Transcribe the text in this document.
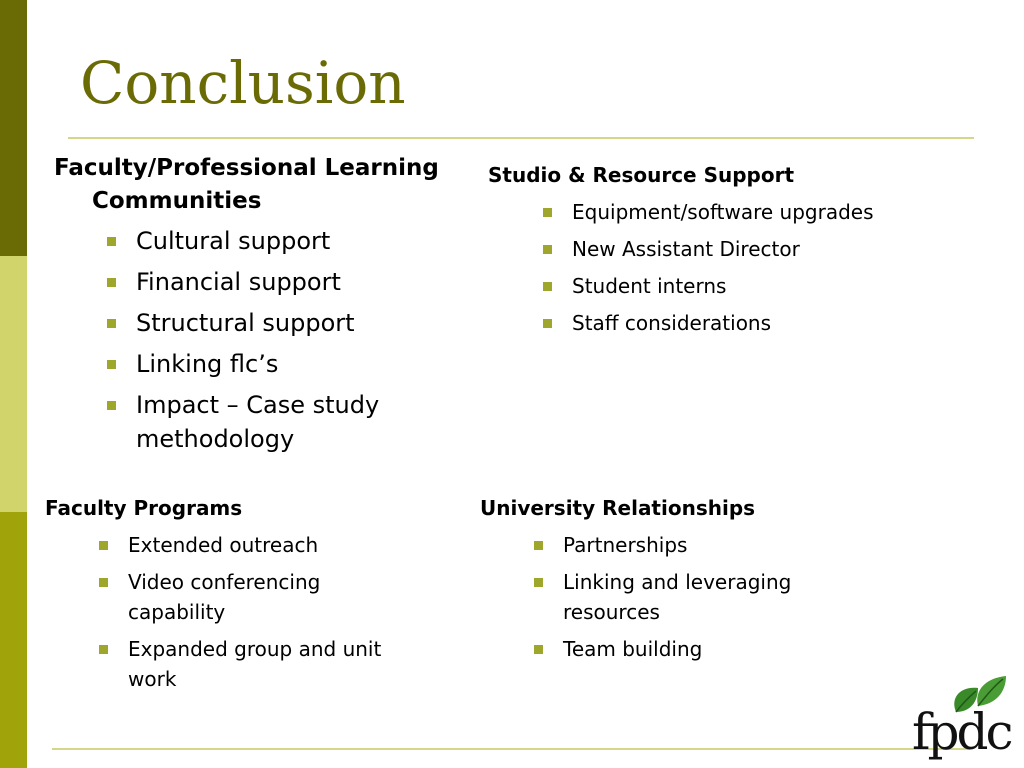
Conclusion

Faculty/Professional Learning Communities

Cultural support
Financial support
Structural support
Linking flc’s
Impact – Case study methodology

Studio & Resource Support

Equipment/software upgrades
New Assistant Director
Student interns
Staff considerations

Faculty Programs

Extended outreach
Video conferencing capability
Expanded group and unit work

University Relationships

Partnerships
Linking and leveraging resources
Team building
fpdc
